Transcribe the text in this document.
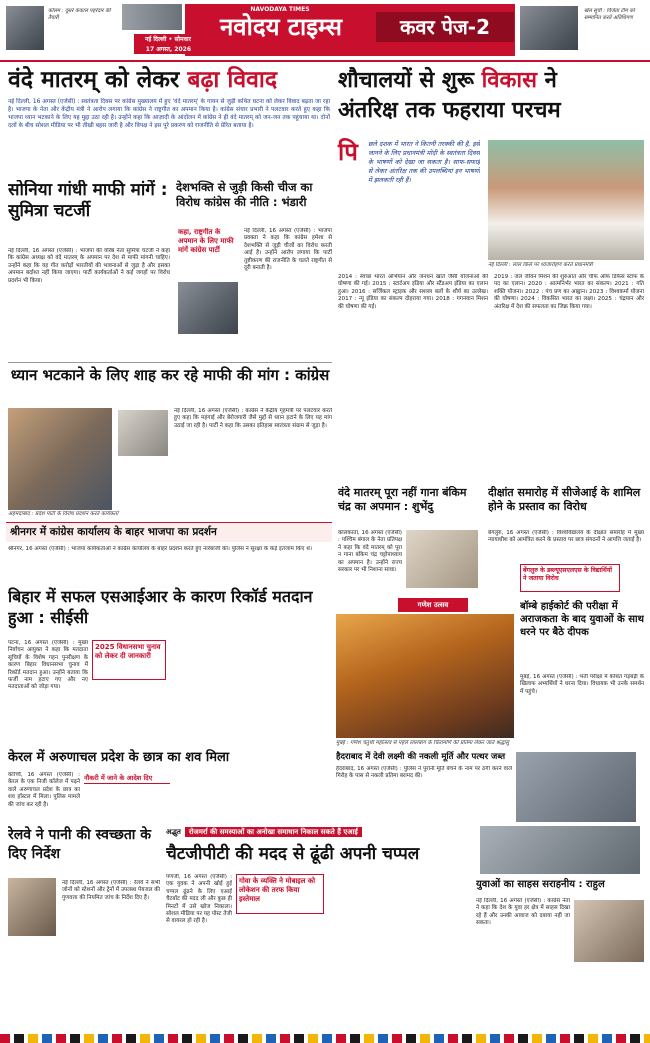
कॉलम : दूसरे कंकाल पहरेदार की तैयारी
NAVODAYA TIMES
नवोदय टाइम्स
नई दिल्ली • सोमवार
17 अगस्त, 2026
कवर पेज-2
खेल सूची : विजेता टीम को सम्मानित करते अतिथिगण
वंदे मातरम् को लेकर बढ़ा विवाद
नई दिल्ली, 16 अगस्त (एजेंसी) : स्वतंत्रता दिवस पर कांग्रेस मुख्यालय में हुए 'वंदे मातरम्' के गायन से जुड़ी कथित घटना को लेकर विवाद बढ़ता जा रहा है। भाजपा के नेता और केंद्रीय मंत्री ने आरोप लगाया कि कांग्रेस ने राष्ट्रगीत का अपमान किया है। कांग्रेस संचार प्रभारी ने पलटवार करते हुए कहा कि भाजपा ध्यान भटकाने के लिए यह मुद्दा उठा रही है। उन्होंने कहा कि आज़ादी के आंदोलन में कांग्रेस ने ही वंदे मातरम् को जन-जन तक पहुंचाया था। दोनों दलों के बीच सोशल मीडिया पर भी तीखी बहस जारी है और विपक्ष ने इस पूरे प्रकरण को राजनीति से प्रेरित बताया है।
शौचालयों से शुरू विकास ने
अंतरिक्ष तक फहराया परचम
पि	छले दशक में भारत ने कितनी तरक्की की है, इसे जानने के लिए प्रधानमंत्री मोदी के स्वतंत्रता दिवस के भाषणों को देखा जा सकता है। साफ-सफाई से लेकर अंतरिक्ष तक की उपलब्धियां इन भाषणों में झलकती रही हैं।
नई दिल्ली : लाल किले पर ध्वजारोहण करते प्रधानमंत्री
2014 : स्वच्छ भारत अभियान और जनधन खाते जैसी योजनाओं की घोषणा की गई। 2015 : स्टार्टअप इंडिया और स्टैंडअप इंडिया का एलान हुआ। 2016 : सर्जिकल स्ट्राइक और सशस्त्र बलों के शौर्य का उल्लेख। 2017 : न्यू इंडिया का संकल्प दोहराया गया। 2018 : गगनयान मिशन की घोषणा की गई।
2019 : जल जीवन मिशन की शुरुआत और चीफ ऑफ डिफेंस स्टाफ के पद का एलान। 2020 : आत्मनिर्भर भारत का संकल्प। 2021 : गति शक्ति योजना। 2022 : पंच प्रण का आह्वान। 2023 : विश्वकर्मा योजना की घोषणा। 2024 : विकसित भारत का लक्ष्य। 2025 : चंद्रयान और अंतरिक्ष में देश की सफलता का जिक्र किया गया।
सोनिया गांधी माफी मांगें : सुमित्रा चटर्जी
नई दिल्ली, 16 अगस्त (एजेंसी) : भाजपा की वरिष्ठ नेता सुमित्रा चटर्जी ने कहा कि कांग्रेस अध्यक्ष को वंदे मातरम् के अपमान पर देश से माफी मांगनी चाहिए। उन्होंने कहा कि यह गीत करोड़ों भारतीयों की भावनाओं से जुड़ा है और इसका अपमान बर्दाश्त नहीं किया जाएगा। पार्टी कार्यकर्ताओं ने कई जगहों पर विरोध प्रदर्शन भी किया।
देशभक्ति से जुड़ी किसी चीज का विरोध कांग्रेस की नीति : भंडारी
कहा, राष्ट्रगीत के अपमान के लिए माफी मांगें कांग्रेस पार्टी
नई दिल्ली, 16 अगस्त (एजेंसी) : भाजपा प्रवक्ता ने कहा कि कांग्रेस हमेशा से देशभक्ति से जुड़ी चीजों का विरोध करती आई है। उन्होंने आरोप लगाया कि पार्टी तुष्टीकरण की राजनीति के चलते राष्ट्रगीत से दूरी बनाती है।
ध्यान भटकाने के लिए शाह कर रहे माफी की मांग : कांग्रेस
नई दिल्ली, 16 अगस्त (एजेंसी) : कांग्रेस ने केंद्रीय गृहमंत्री पर पलटवार करते हुए कहा कि महंगाई और बेरोजगारी जैसे मुद्दों से ध्यान हटाने के लिए यह मांग उठाई जा रही है। पार्टी ने कहा कि उसका इतिहास स्वतंत्रता संग्राम से जुड़ा है।
अहमदाबाद : प्रदेश पार्टी के विरोध प्रदर्शन करते कार्यकर्ता
वंदे मातरम् पूरा नहीं गाना बंकिम चंद्र का अपमान : शुभेंदु
कोलकाता, 16 अगस्त (एजेंसी) : पश्चिम बंगाल के नेता प्रतिपक्ष ने कहा कि वंदे मातरम् को पूरा न गाना बंकिम चंद्र चट्टोपाध्याय का अपमान है। उन्होंने राज्य सरकार पर भी निशाना साधा।
दीक्षांत समारोह में सीजेआई के शामिल होने के प्रस्ताव का विरोध
बेंगलुरु, 16 अगस्त (एजेंसी) : विश्वविद्यालय के दीक्षांत समारोह में मुख्य न्यायाधीश को आमंत्रित करने के प्रस्ताव पर छात्र संगठनों ने आपत्ति जताई है।
बेंगलुरु के डब्ल्यूएसएलएस के विद्यार्थियों ने जताया विरोध
श्रीनगर में कांग्रेस कार्यालय के बाहर भाजपा का प्रदर्शन
श्रीनगर, 16 अगस्त (एजेंसी) : भाजपा कार्यकर्ताओं ने कांग्रेस कार्यालय के बाहर प्रदर्शन करते हुए नारेबाजी की। पुलिस ने सुरक्षा के कड़े इंतजाम किए थे।
बिहार में सफल एसआईआर के कारण रिकॉर्ड मतदान हुआ : सीईसी
2025 विधानसभा चुनाव को लेकर दी जानकारी
पटना, 16 अगस्त (एजेंसी) : मुख्य निर्वाचन आयुक्त ने कहा कि मतदाता सूचियों के विशेष गहन पुनरीक्षण के कारण बिहार विधानसभा चुनाव में रिकॉर्ड मतदान हुआ। उन्होंने बताया कि फर्जी नाम हटाए गए और नए मतदाताओं को जोड़ा गया।
गणेश उत्सव
मुंबई : गणेश चतुर्थी महोत्सव से पहले लालबाग के चिंतामणि की प्रतिमा लेकर जाते श्रद्धालु
बॉम्बे हाईकोर्ट की परीक्षा में अराजकता के बाद युवाओं के साथ धरने पर बैठे दीपक
मुंबई, 16 अगस्त (एजेंसी) : भर्ती परीक्षा में कथित गड़बड़ी के खिलाफ अभ्यर्थियों ने धरना दिया। विधायक भी उनके समर्थन में पहुंचे।
केरल में अरुणाचल प्रदेश के छात्र का शव मिला
नौकरी में जाने के आदेश दिए
कोच्चि, 16 अगस्त (एजेंसी) : केरल के एक निजी कॉलेज में पढ़ने वाले अरुणाचल प्रदेश के छात्र का शव हॉस्टल में मिला। पुलिस मामले की जांच कर रही है।
हैदराबाद में देवी लक्ष्मी की नकली मूर्ति और पत्थर जब्त
हैदराबाद, 16 अगस्त (एजेंसी) : पुलिस ने पुरानी मूर्ति बेचने के नाम पर ठगी करने वाले गिरोह के पास से नकली प्रतिमा बरामद की।
रेलवे ने पानी की स्वच्छता के दिए निर्देश
नई दिल्ली, 16 अगस्त (एजेंसी) : रेलवे ने सभी जोनों को स्टेशनों और ट्रेनों में उपलब्ध पेयजल की गुणवत्ता की नियमित जांच के निर्देश दिए हैं।
अद्भुत रोजमर्रा की समस्याओं का अनोखा समाधान निकाल सकते हैं एआई
चैटजीपीटी की मदद से ढूंढी अपनी चप्पल
गोवा के व्यक्ति ने मोबाइल को लोकेशन की तरफ किया इस्तेमाल
पणजी, 16 अगस्त (एजेंसी) : एक युवक ने अपनी खोई हुई चप्पल ढूंढने के लिए एआई चैटबॉट की मदद ली और कुछ ही मिनटों में उसे खोज निकाला। सोशल मीडिया पर यह पोस्ट तेजी से वायरल हो रही है।
युवाओं का साहस सराहनीय : राहुल
नई दिल्ली, 16 अगस्त (एजेंसी) : कांग्रेस नेता ने कहा कि देश के युवा हर क्षेत्र में साहस दिखा रहे हैं और उनकी आवाज को दबाया नहीं जा सकता।
